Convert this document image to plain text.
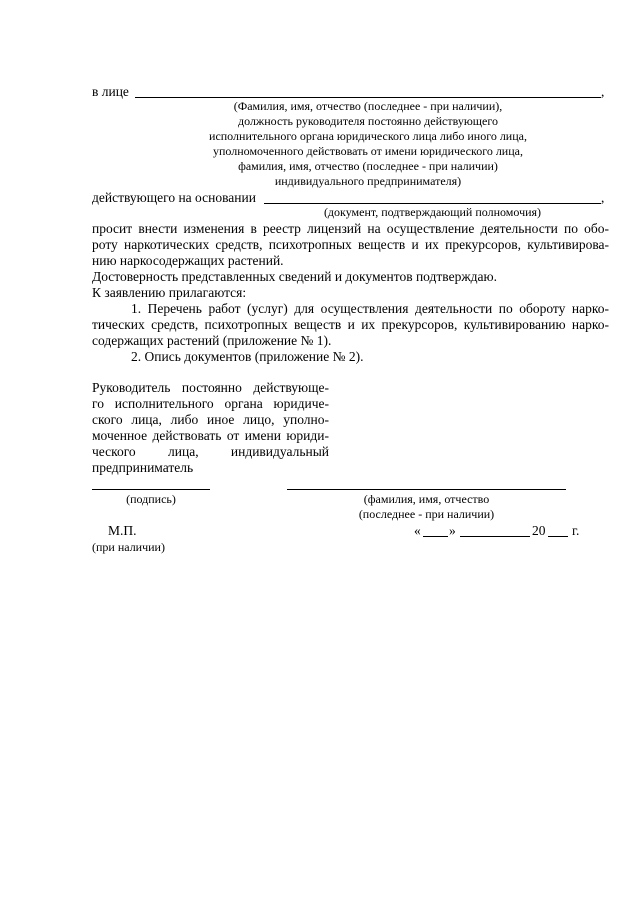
в лице	,
(Фамилия, имя, отчество (последнее - при наличии),
должность руководителя постоянно действующего
исполнительного органа юридического лица либо иного лица,
уполномоченного действовать от имени юридического лица,
фамилия, имя, отчество (последнее - при наличии)
индивидуального предпринимателя)
действующего на основании	,
(документ, подтверждающий полномочия)
просит внести изменения в реестр лицензий на осуществление деятельности по обо-
роту наркотических средств, психотропных веществ и их прекурсоров, культивирова-
нию наркосодержащих растений.
Достоверность представленных сведений и документов подтверждаю.
К заявлению прилагаются:
1. Перечень работ (услуг) для осуществления деятельности по обороту нарко-
тических средств, психотропных веществ и их прекурсоров, культивированию нарко-
содержащих растений (приложение № 1).
2. Опись документов (приложение № 2).
Руководитель постоянно действующе-
го исполнительного органа юридиче-
ского лица, либо иное лицо, уполно-
моченное действовать от имени юриди-
ческого лица, индивидуальный
предприниматель
(подпись)	(фамилия, имя, отчество
(последнее - при наличии)
М.П.
(при наличии)
« »	20 г.
